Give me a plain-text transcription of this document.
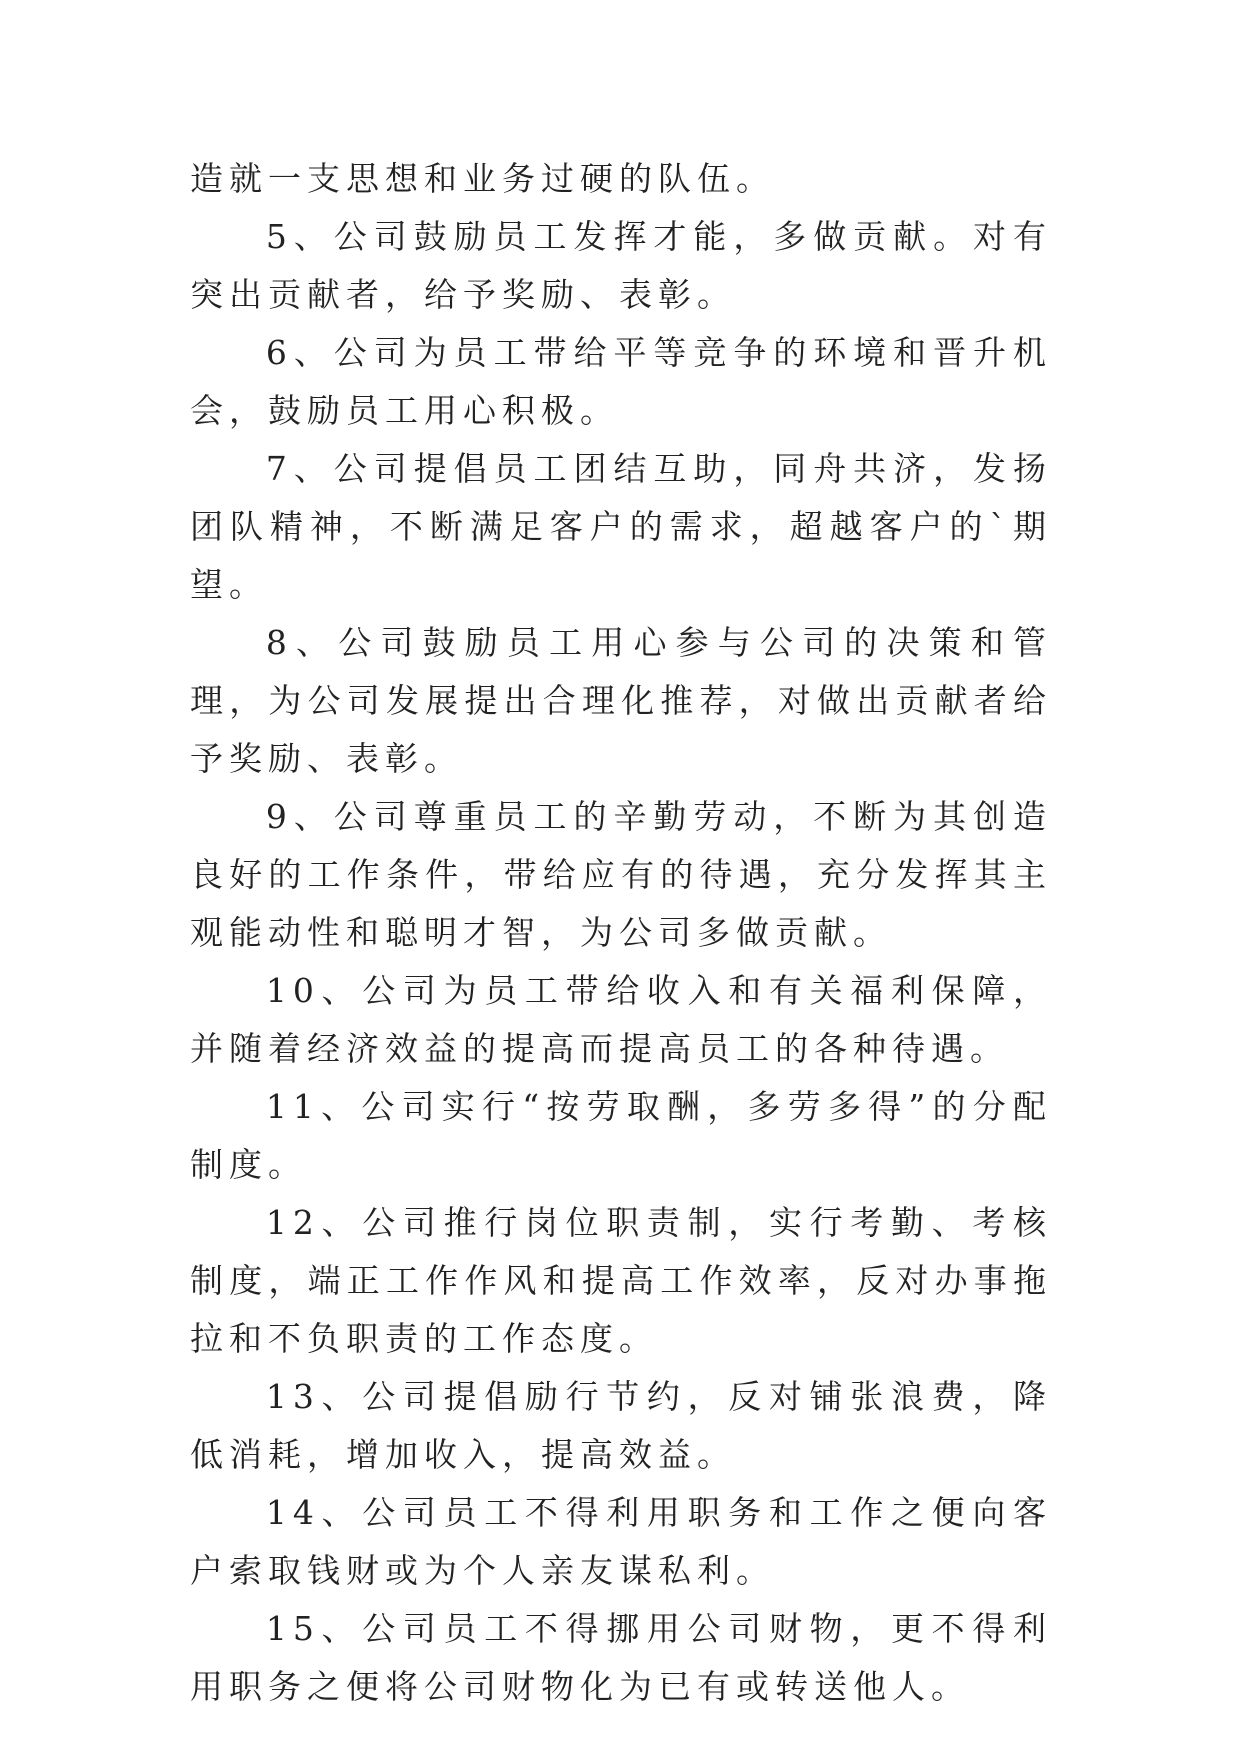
造就一支思想和业务过硬的队伍。

5、公司鼓励员工发挥才能，多做贡献。对有突出贡献者，给予奖励、表彰。

6、公司为员工带给平等竞争的环境和晋升机会，鼓励员工用心积极。

7、公司提倡员工团结互助，同舟共济，发扬团队精神，不断满足客户的需求，超越客户的`期望。

8、公司鼓励员工用心参与公司的决策和管理，为公司发展提出合理化推荐，对做出贡献者给予奖励、表彰。

9、公司尊重员工的辛勤劳动，不断为其创造良好的工作条件，带给应有的待遇，充分发挥其主观能动性和聪明才智，为公司多做贡献。

10、公司为员工带给收入和有关福利保障，并随着经济效益的提高而提高员工的各种待遇。

11、公司实行“按劳取酬，多劳多得”的分配制度。

12、公司推行岗位职责制，实行考勤、考核制度，端正工作作风和提高工作效率，反对办事拖拉和不负职责的工作态度。

13、公司提倡励行节约，反对铺张浪费，降低消耗，增加收入，提高效益。

14、公司员工不得利用职务和工作之便向客户索取钱财或为个人亲友谋私利。

15、公司员工不得挪用公司财物，更不得利用职务之便将公司财物化为已有或转送他人。
